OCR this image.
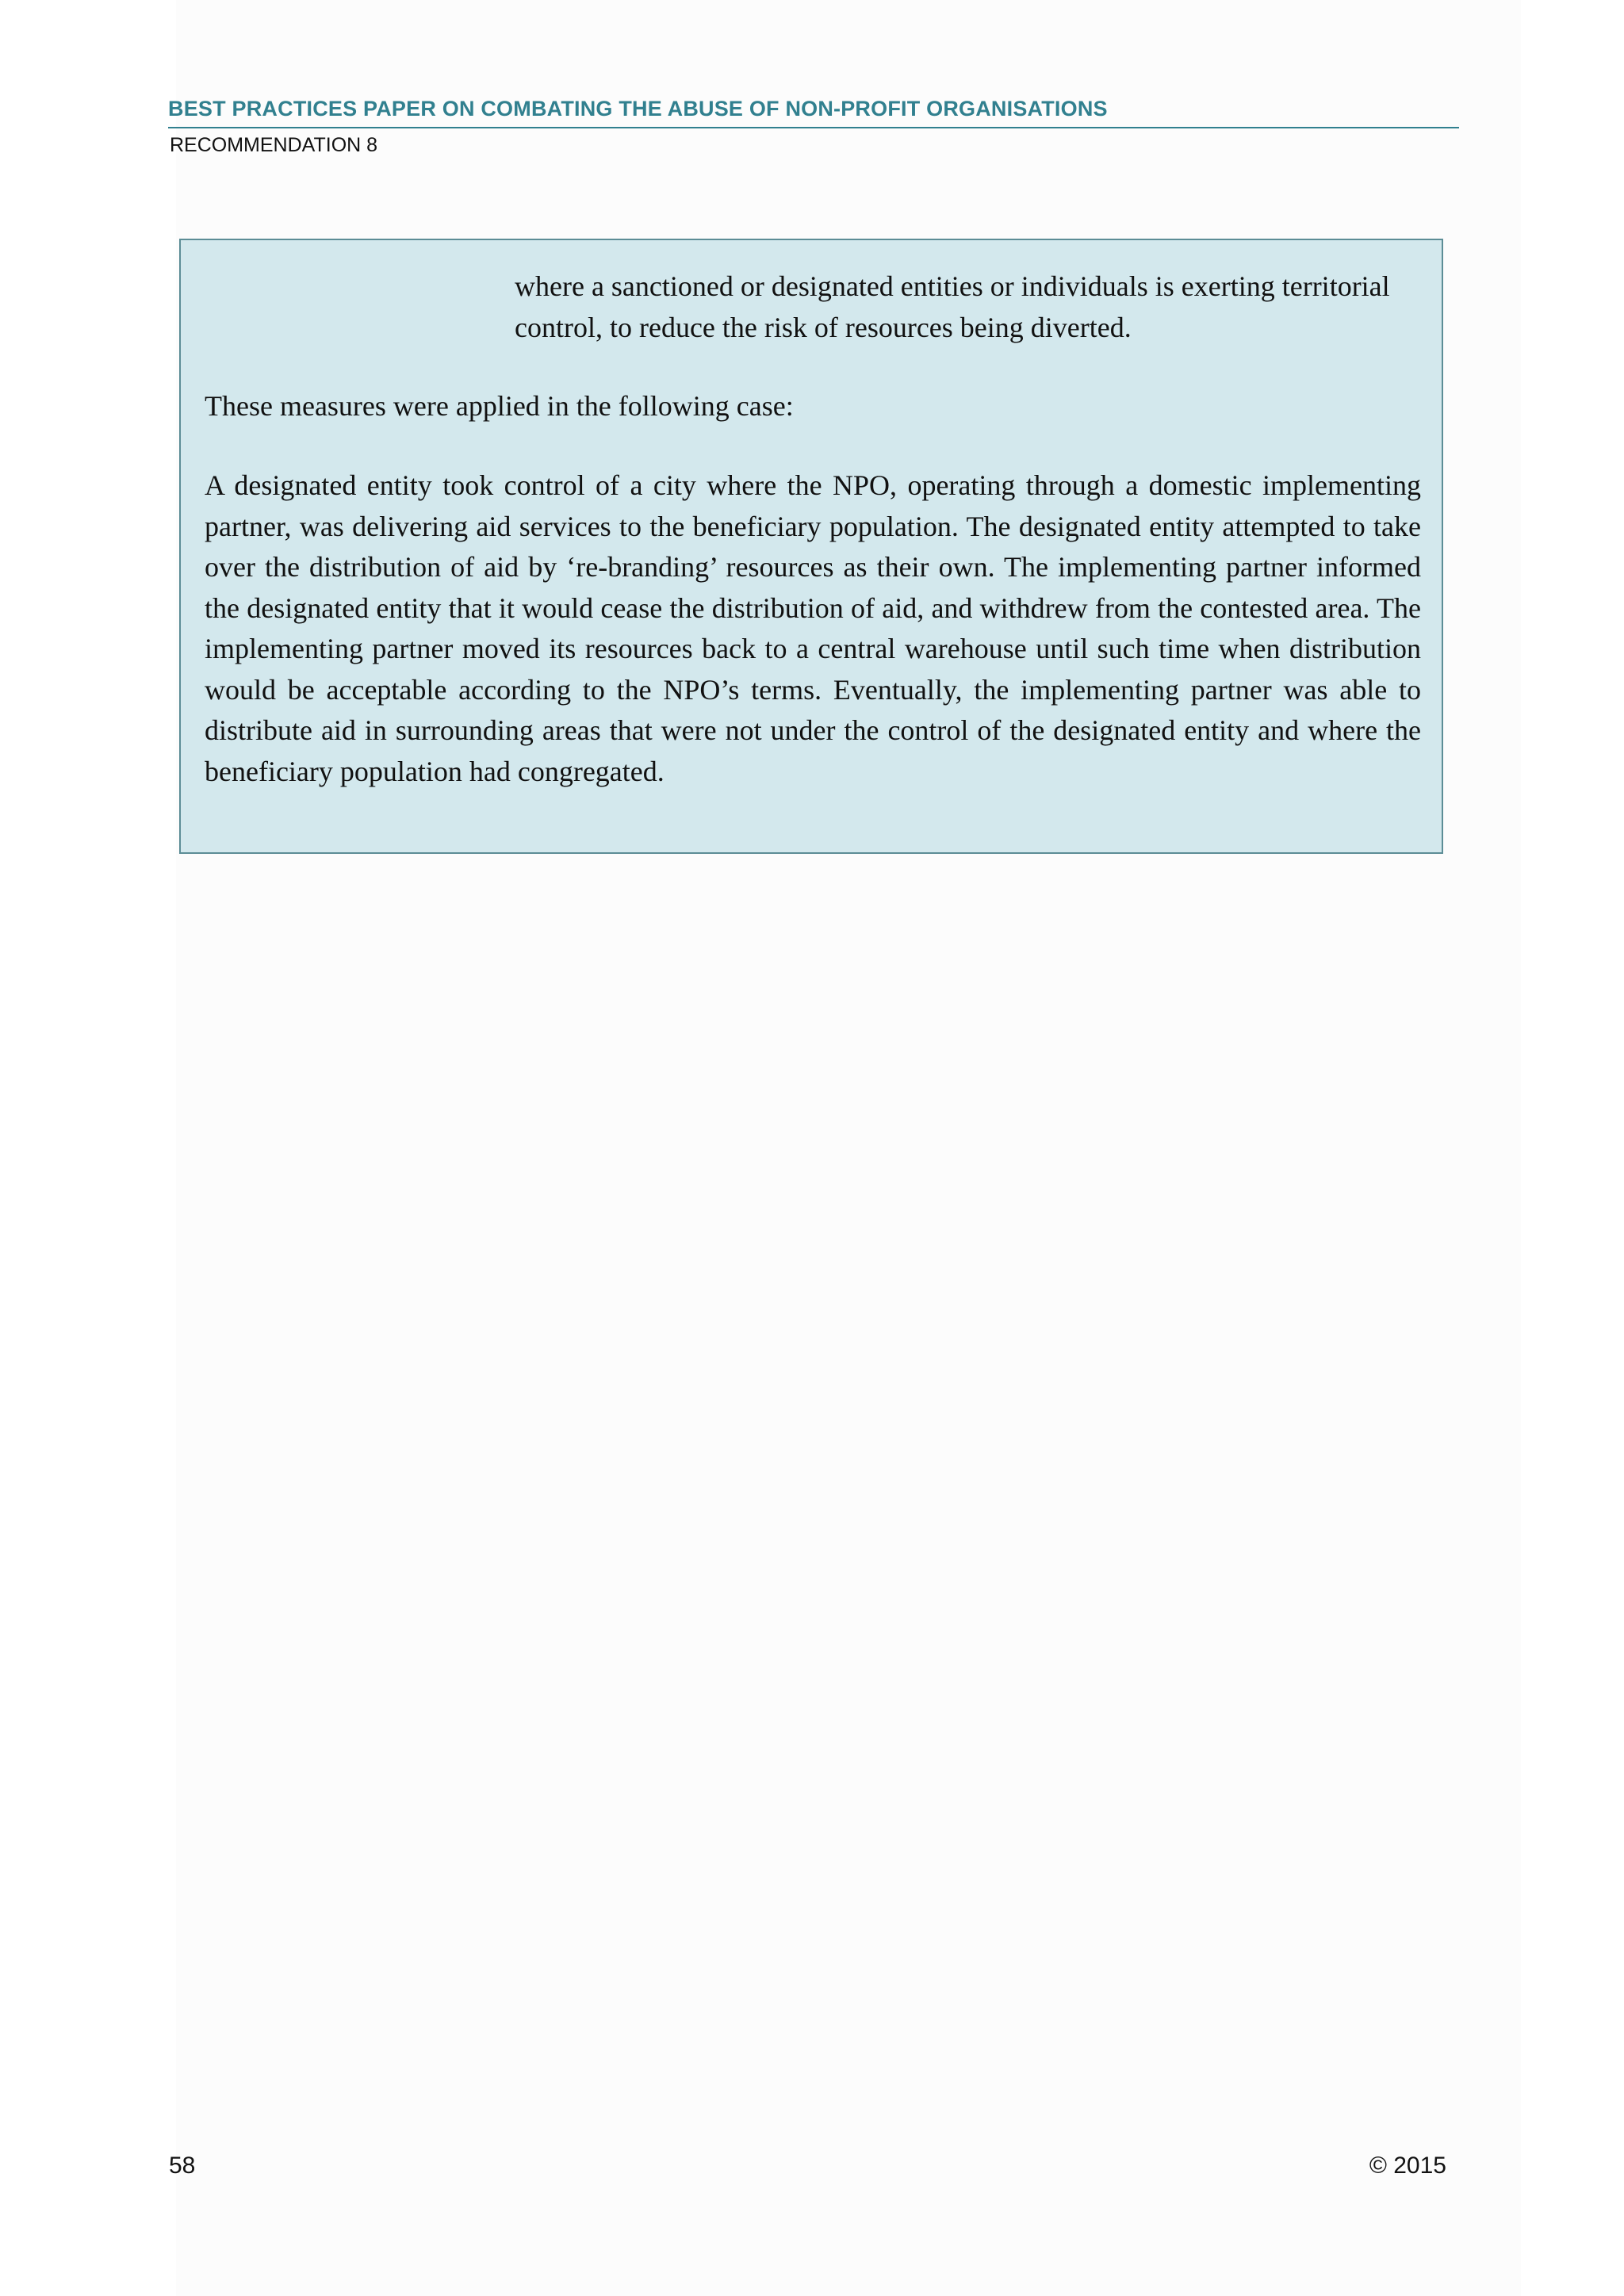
BEST PRACTICES PAPER ON COMBATING THE ABUSE OF NON-PROFIT ORGANISATIONS
RECOMMENDATION 8

where a sanctioned or designated entities or individuals is exerting territorial control, to reduce the risk of resources being diverted.

These measures were applied in the following case:

A designated entity took control of a city where the NPO, operating through a domestic implementing partner, was delivering aid services to the beneficiary population. The designated entity attempted to take over the distribution of aid by ‘re-branding’ resources as their own. The implementing partner informed the designated entity that it would cease the distribution of aid, and withdrew from the contested area. The implementing partner moved its resources back to a central warehouse until such time when distribution would be acceptable according to the NPO’s terms. Eventually, the implementing partner was able to distribute aid in surrounding areas that were not under the control of the designated entity and where the beneficiary population had congregated.

58	© 2015
